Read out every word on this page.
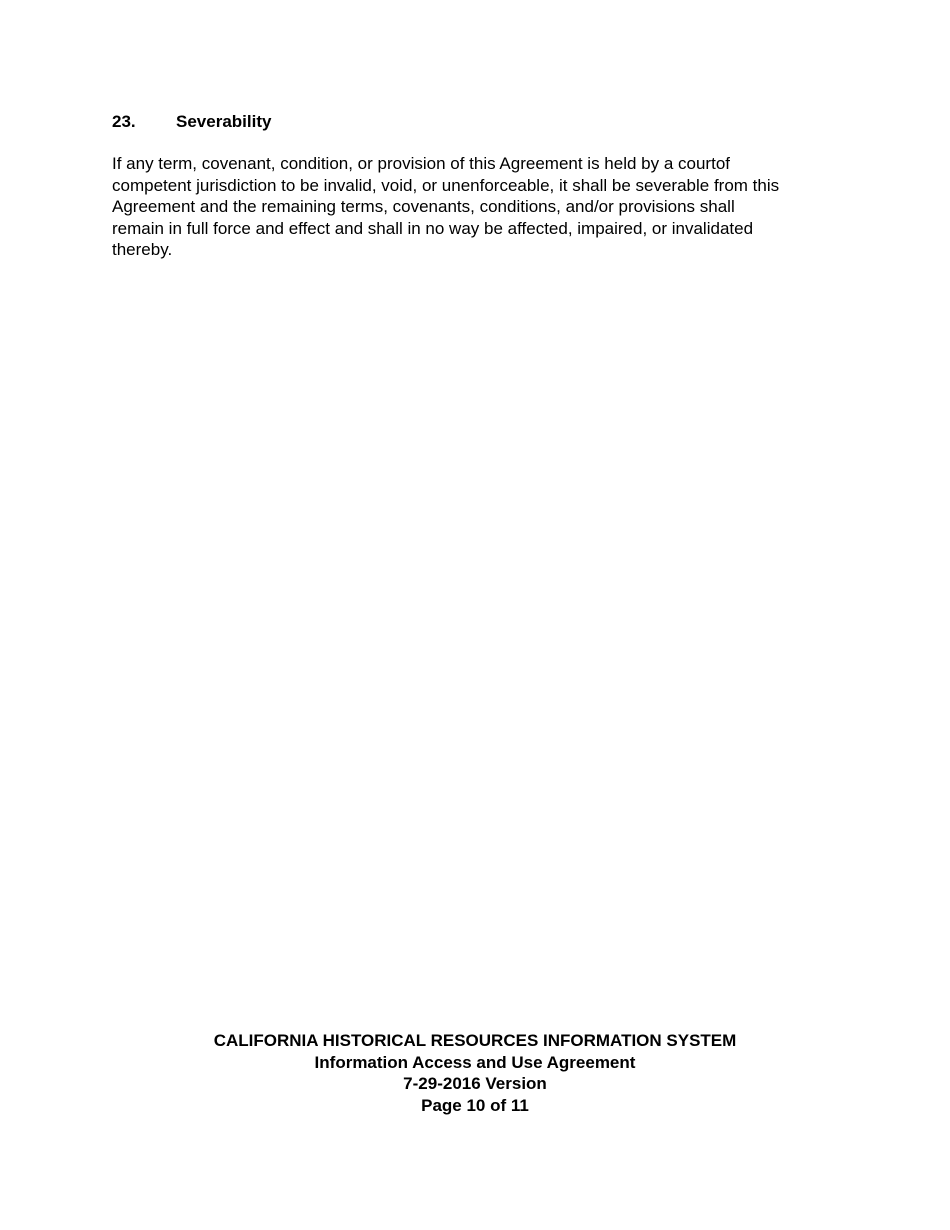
23.	Severability

If any term, covenant, condition, or provision of this Agreement is held by a courtof
competent jurisdiction to be invalid, void, or unenforceable, it shall be severable from this
Agreement and the remaining terms, covenants, conditions, and/or provisions shall
remain in full force and effect and shall in no way be affected, impaired, or invalidated
thereby.

CALIFORNIA HISTORICAL RESOURCES INFORMATION SYSTEM
Information Access and Use Agreement
7-29-2016 Version
Page 10 of 11
